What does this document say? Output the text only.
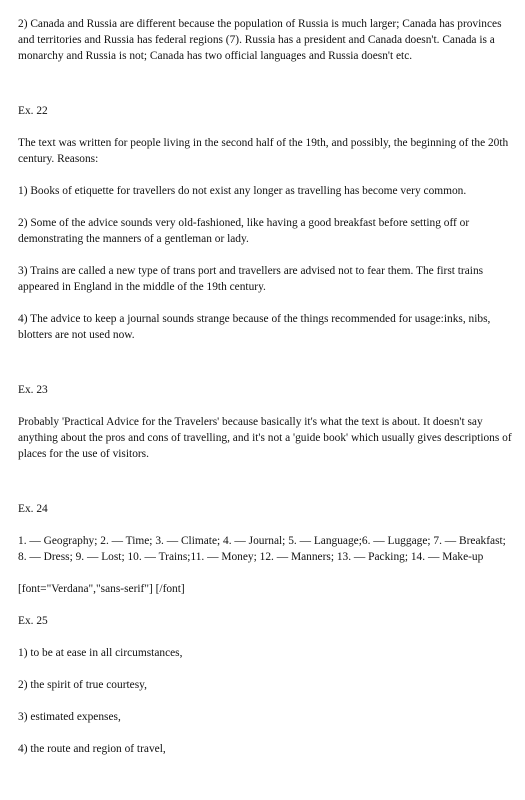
2) Canada and Russia are different because the population of Russia is much larger; Canada has provinces and territories and Russia has federal regions (7). Russia has a president and Canada doesn't. Canada is a monarchy and Russia is not; Canada has two official languages and Russia doesn't etc.

Ex. 22

The text was written for people living in the second half of the 19th, and possibly, the beginning of the 20th century. Reasons:

1) Books of etiquette for travellers do not exist any longer as travelling has become very common.

2) Some of the advice sounds very old-fashioned, like having a good breakfast before setting off or demonstrating the manners of a gentleman or lady.

3) Trains are called a new type of trans port and travellers are advised not to fear them. The first trains appeared in England in the middle of the 19th century.

4) The advice to keep a journal sounds strange because of the things recommended for usage:inks, nibs, blotters are not used now.

Ex. 23

Probably 'Practical Advice for the Travelers' because basically it's what the text is about. It doesn't say anything about the pros and cons of travelling, and it's not a 'guide book' which usually gives descriptions of places for the use of visitors.

Ex. 24

1. — Geography; 2. — Time; 3. — Climate; 4. — Journal; 5. — Language;6. — Luggage; 7. — Breakfast; 8. — Dress; 9. — Lost; 10. — Trains;11. — Money; 12. — Manners; 13. — Packing; 14. — Make-up

[font="Verdana","sans-serif"] [/font]

Ex. 25

1) to be at ease in all circumstances,

2) the spirit of true courtesy,

3) estimated expenses,

4) the route and region of travel,
